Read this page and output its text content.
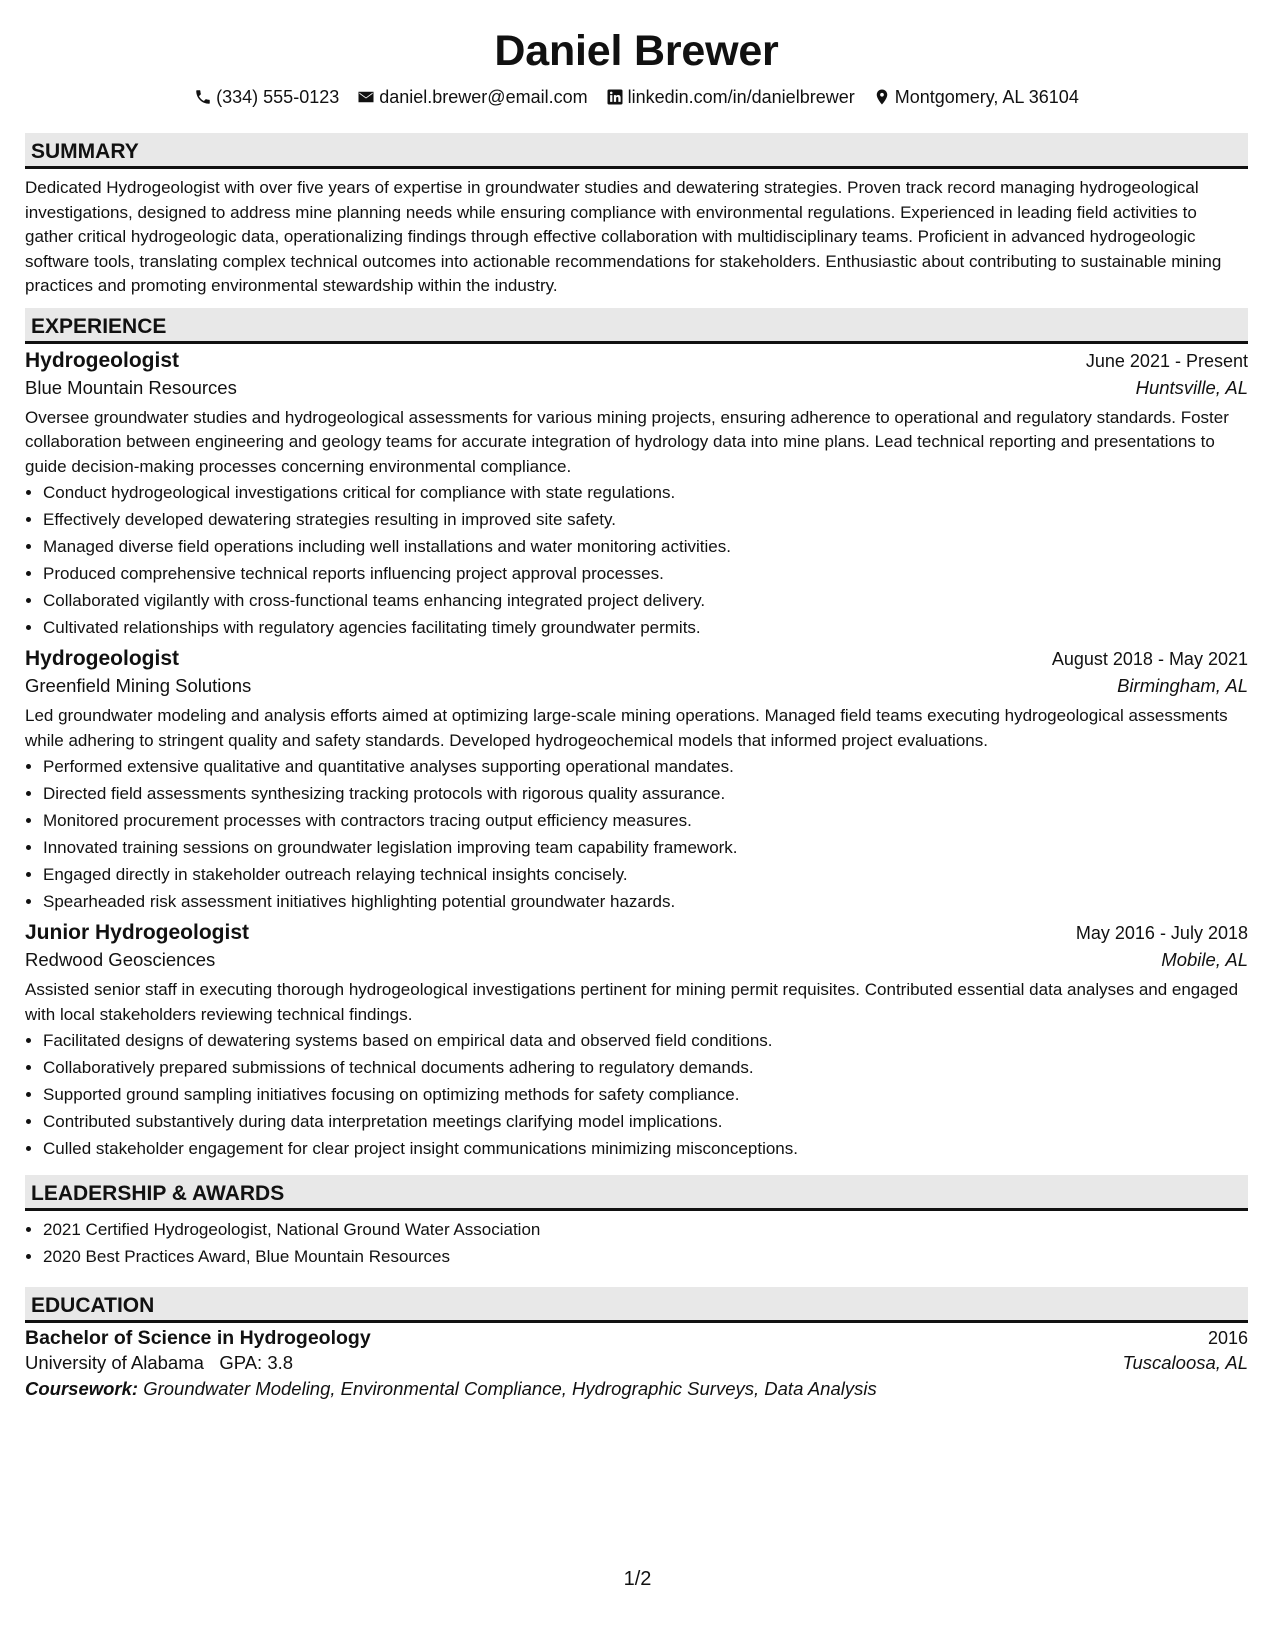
Daniel Brewer
(334) 555-0123 daniel.brewer@email.com linkedin.com/in/danielbrewer Montgomery, AL 36104
SUMMARY

Dedicated Hydrogeologist with over five years of expertise in groundwater studies and dewatering strategies. Proven track record managing hydrogeological investigations, designed to address mine planning needs while ensuring compliance with environmental regulations. Experienced in leading field activities to gather critical hydrogeologic data, operationalizing findings through effective collaboration with multidisciplinary teams. Proficient in advanced hydrogeologic software tools, translating complex technical outcomes into actionable recommendations for stakeholders. Enthusiastic about contributing to sustainable mining practices and promoting environmental stewardship within the industry.

EXPERIENCE
Hydrogeologist	June 2021 - Present
Blue Mountain Resources	Huntsville, AL

Oversee groundwater studies and hydrogeological assessments for various mining projects, ensuring adherence to operational and regulatory standards. Foster collaboration between engineering and geology teams for accurate integration of hydrology data into mine plans. Lead technical reporting and presentations to guide decision-making processes concerning environmental compliance.

• Conduct hydrogeological investigations critical for compliance with state regulations.
• Effectively developed dewatering strategies resulting in improved site safety.
• Managed diverse field operations including well installations and water monitoring activities.
• Produced comprehensive technical reports influencing project approval processes.
• Collaborated vigilantly with cross-functional teams enhancing integrated project delivery.
• Cultivated relationships with regulatory agencies facilitating timely groundwater permits.
Hydrogeologist	August 2018 - May 2021
Greenfield Mining Solutions	Birmingham, AL

Led groundwater modeling and analysis efforts aimed at optimizing large-scale mining operations. Managed field teams executing hydrogeological assessments while adhering to stringent quality and safety standards. Developed hydrogeochemical models that informed project evaluations.

• Performed extensive qualitative and quantitative analyses supporting operational mandates.
• Directed field assessments synthesizing tracking protocols with rigorous quality assurance.
• Monitored procurement processes with contractors tracing output efficiency measures.
• Innovated training sessions on groundwater legislation improving team capability framework.
• Engaged directly in stakeholder outreach relaying technical insights concisely.
• Spearheaded risk assessment initiatives highlighting potential groundwater hazards.
Junior Hydrogeologist	May 2016 - July 2018
Redwood Geosciences	Mobile, AL

Assisted senior staff in executing thorough hydrogeological investigations pertinent for mining permit requisites. Contributed essential data analyses and engaged with local stakeholders reviewing technical findings.

• Facilitated designs of dewatering systems based on empirical data and observed field conditions.
• Collaboratively prepared submissions of technical documents adhering to regulatory demands.
• Supported ground sampling initiatives focusing on optimizing methods for safety compliance.
• Contributed substantively during data interpretation meetings clarifying model implications.
• Culled stakeholder engagement for clear project insight communications minimizing misconceptions.
LEADERSHIP & AWARDS
• 2021 Certified Hydrogeologist, National Ground Water Association
• 2020 Best Practices Award, Blue Mountain Resources
EDUCATION
Bachelor of Science in Hydrogeology	2016
University of Alabama GPA: 3.8	Tuscaloosa, AL
Coursework: Groundwater Modeling, Environmental Compliance, Hydrographic Surveys, Data Analysis
1/2
